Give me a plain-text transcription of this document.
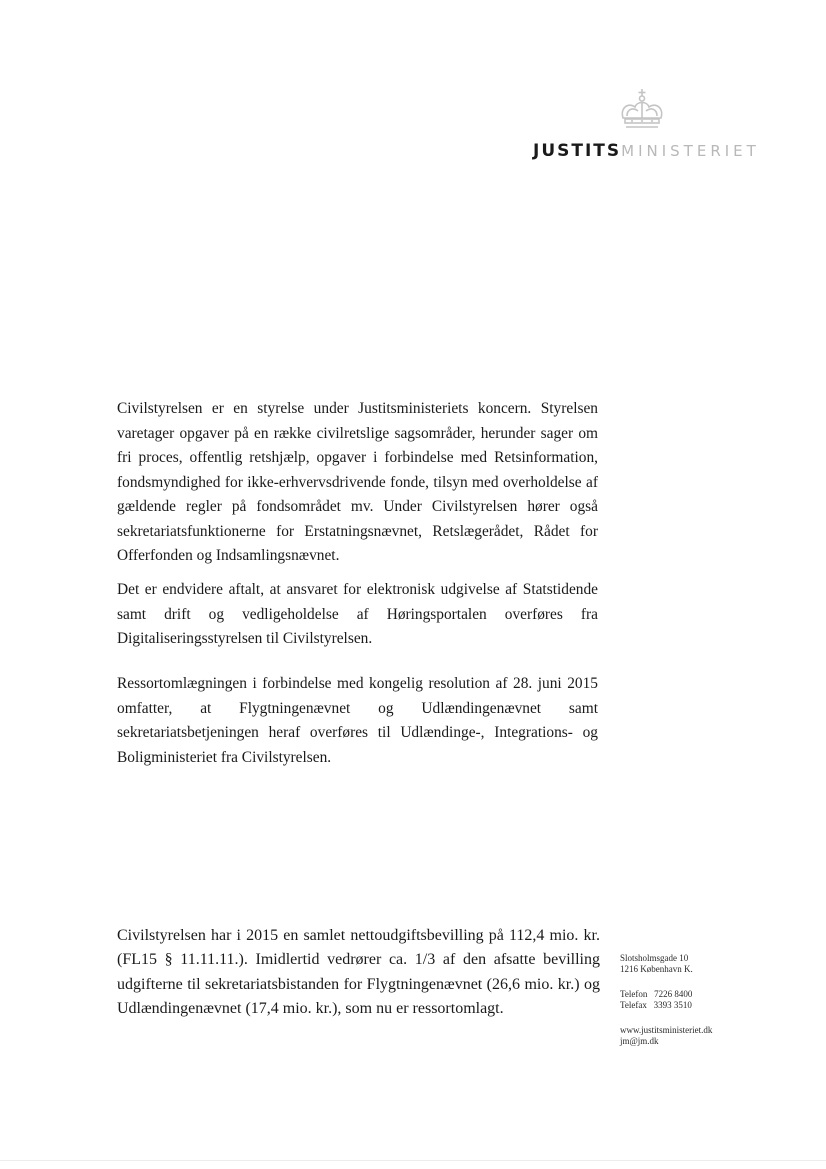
JUSTITSMINISTERIET

Civilstyrelsen er en styrelse under Justitsministeriets koncern. Styrelsen varetager opgaver på en række civilretslige sagsområder, herunder sager om fri proces, offentlig retshjælp, opgaver i forbindelse med Retsinformation, fondsmyndighed for ikke-erhvervsdrivende fonde, tilsyn med overholdelse af gældende regler på fondsområdet mv. Under Civilstyrelsen hører også sekretariatsfunktionerne for Erstatningsnævnet, Retslægerådet, Rådet for Offerfonden og Indsamlingsnævnet.

Det er endvidere aftalt, at ansvaret for elektronisk udgivelse af Statstidende samt drift og vedligeholdelse af Høringsportalen overføres fra Digitaliseringsstyrelsen til Civilstyrelsen.

Ressortomlægningen i forbindelse med kongelig resolution af 28. juni 2015 omfatter, at Flygtningenævnet og Udlændingenævnet samt sekretariatsbetjeningen heraf overføres til Udlændinge-, Integrations- og Boligministeriet fra Civilstyrelsen.

Civilstyrelsen har i 2015 en samlet nettoudgiftsbevilling på 112,4 mio. kr. (FL15 § 11.11.11.). Imidlertid vedrører ca. 1/3 af den afsatte bevilling udgifterne til sekretariatsbistanden for Flygtningenævnet (26,6 mio. kr.) og Udlændingenævnet (17,4 mio. kr.), som nu er ressortomlagt.

Slotsholmsgade 10
1216 København K.
Telefon   7226 8400
Telefax   3393 3510
www.justitsministeriet.dk
jm@jm.dk
